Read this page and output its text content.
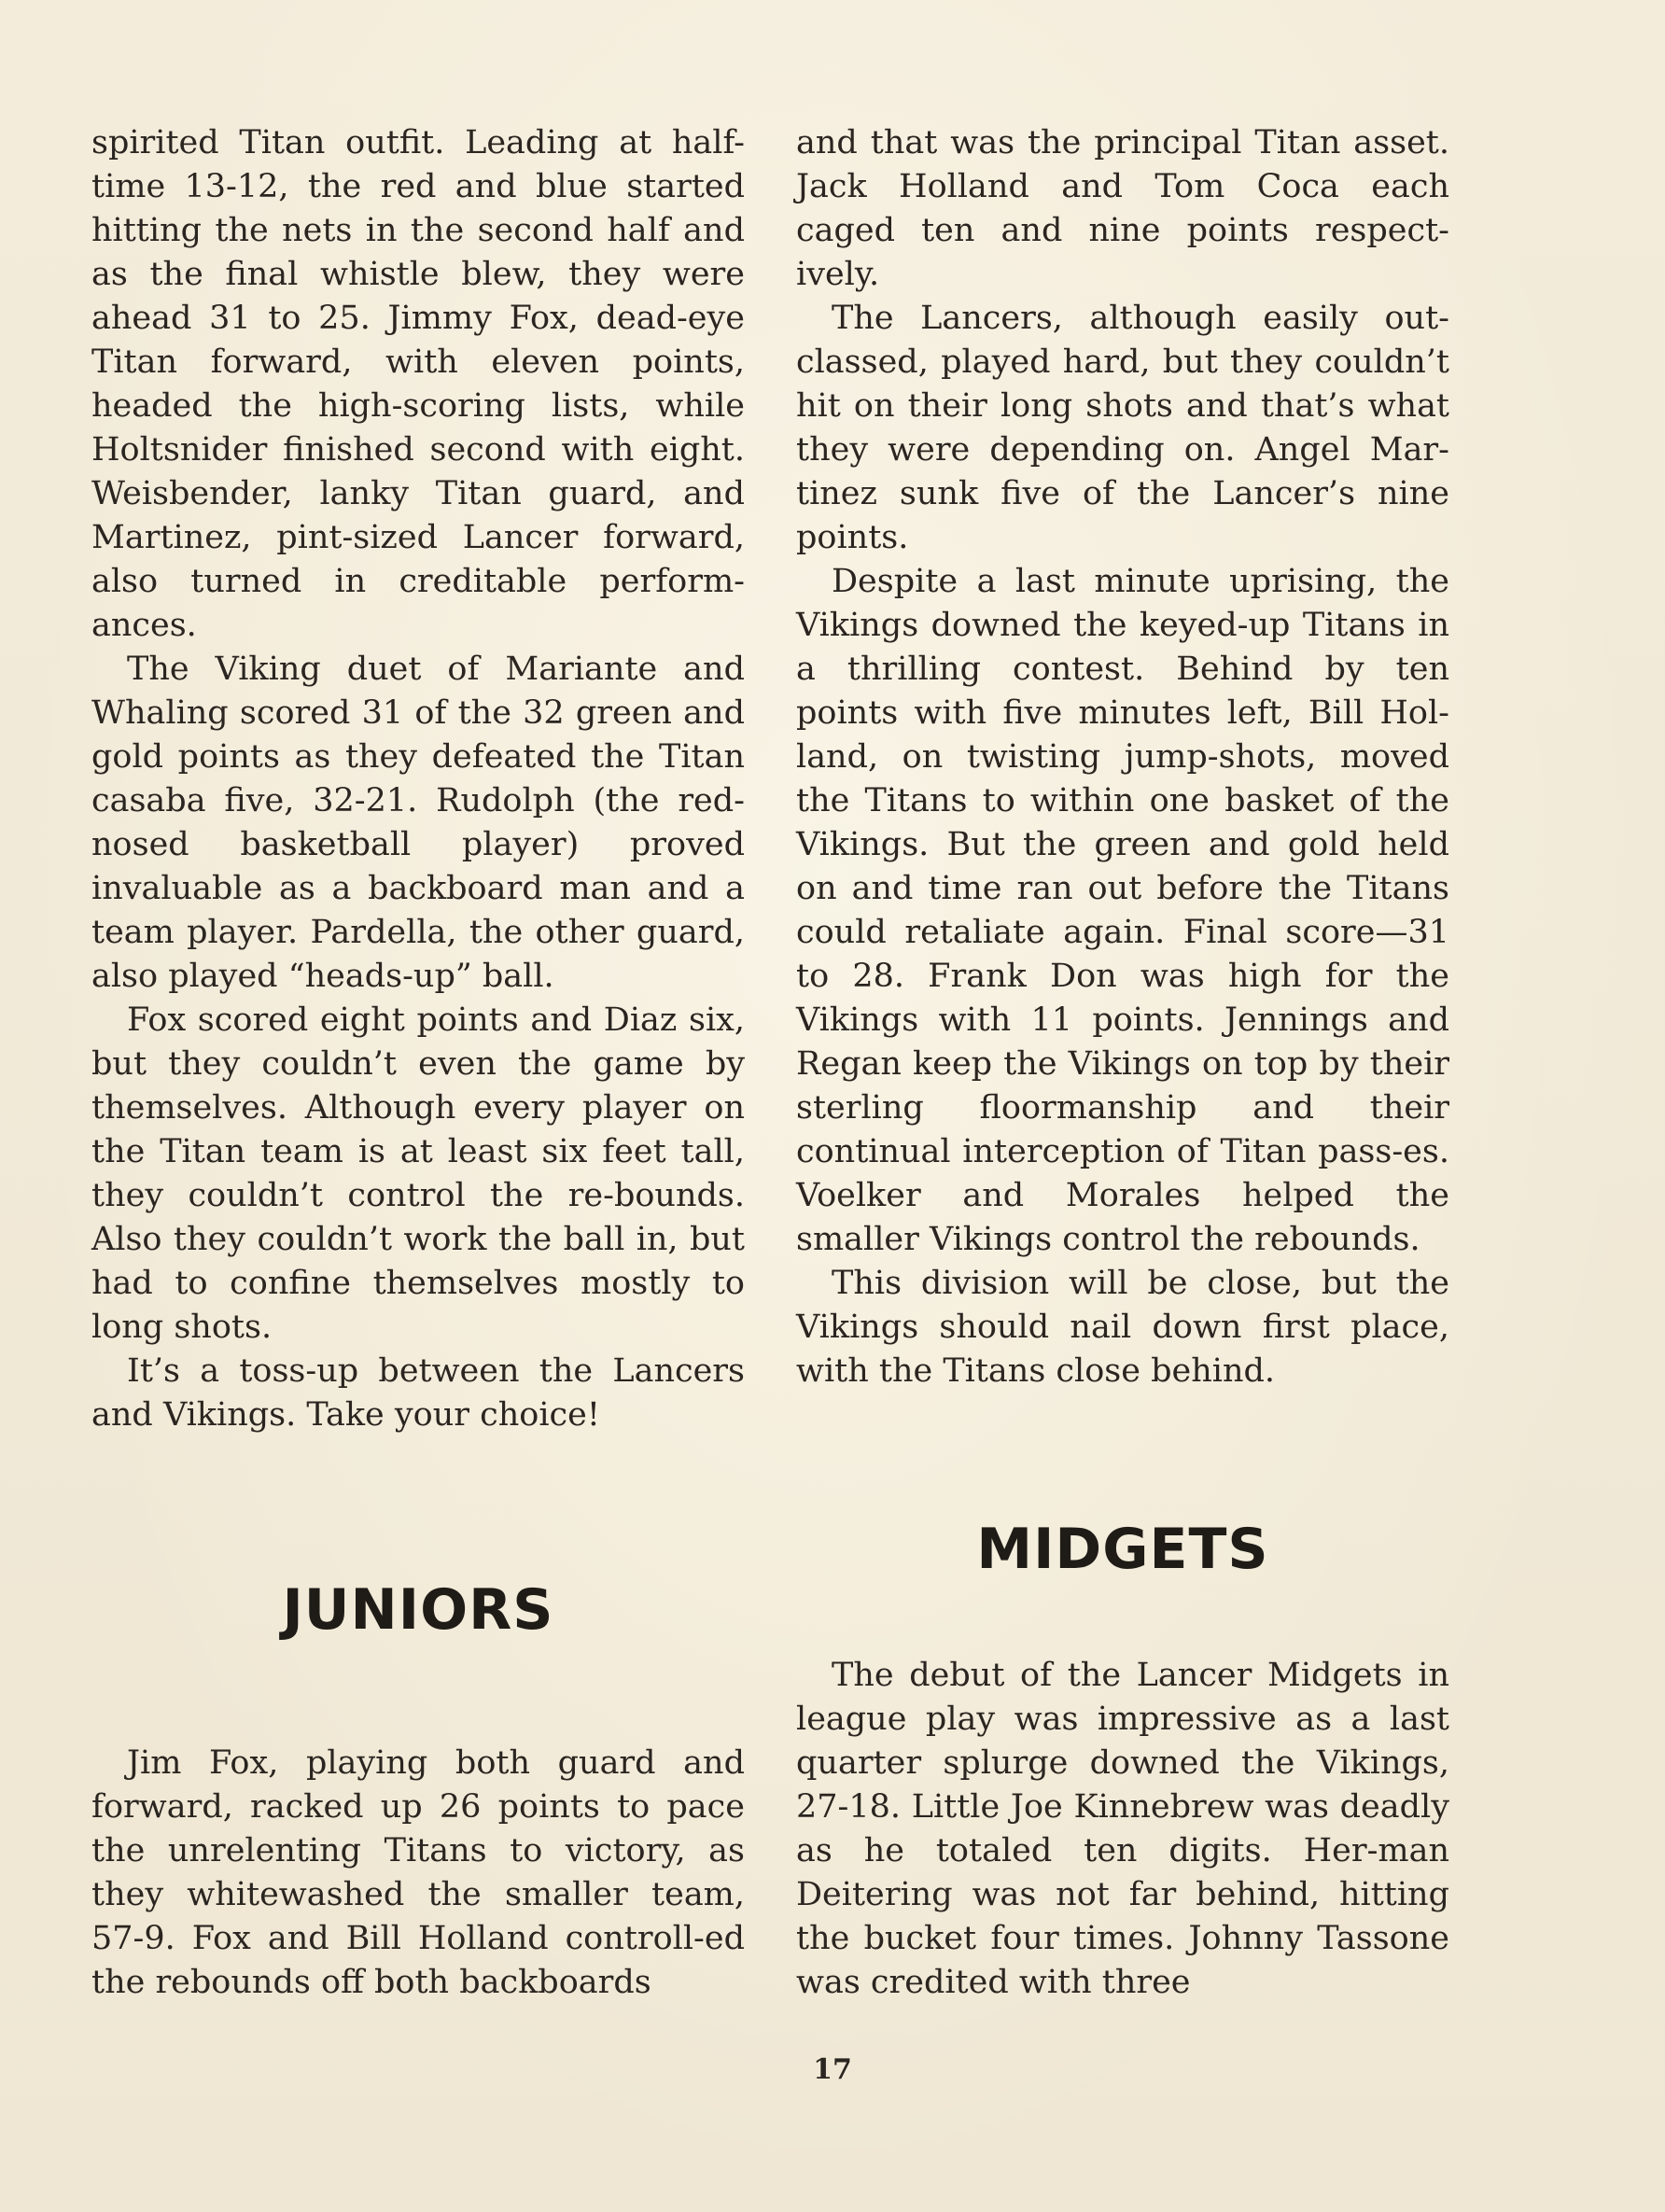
spirited Titan outfit. Leading at half-time 13-12, the red and blue started hitting the nets in the second half and as the final whistle blew, they were ahead 31 to 25. Jimmy Fox, dead-eye Titan forward, with eleven points, headed the high-scoring lists, while Holtsnider finished second with eight. Weisbender, lanky Titan guard, and Martinez, pint-sized Lancer forward, also turned in creditable perform-ances.

The Viking duet of Mariante and Whaling scored 31 of the 32 green and gold points as they defeated the Titan casaba five, 32-21. Rudolph (the red-nosed basketball player) proved invaluable as a backboard man and a team player. Pardella, the other guard, also played “heads-up” ball.

Fox scored eight points and Diaz six, but they couldn’t even the game by themselves. Although every player on the Titan team is at least six feet tall, they couldn’t control the re-bounds. Also they couldn’t work the ball in, but had to confine themselves mostly to long shots.

It’s a toss-up between the Lancers and Vikings. Take your choice!

and that was the principal Titan asset. Jack Holland and Tom Coca each caged ten and nine points respect-ively.

The Lancers, although easily out-classed, played hard, but they couldn’t hit on their long shots and that’s what they were depending on. Angel Mar-tinez sunk five of the Lancer’s nine points.

Despite a last minute uprising, the Vikings downed the keyed-up Titans in a thrilling contest. Behind by ten points with five minutes left, Bill Hol-land, on twisting jump-shots, moved the Titans to within one basket of the Vikings. But the green and gold held on and time ran out before the Titans could retaliate again. Final score—31 to 28. Frank Don was high for the Vikings with 11 points. Jennings and Regan keep the Vikings on top by their sterling floormanship and their continual interception of Titan pass-es. Voelker and Morales helped the smaller Vikings control the rebounds.

This division will be close, but the Vikings should nail down first place, with the Titans close behind.

JUNIORS

Jim Fox, playing both guard and forward, racked up 26 points to pace the unrelenting Titans to victory, as they whitewashed the smaller team, 57-9. Fox and Bill Holland controll-ed the rebounds off both backboards

MIDGETS

The debut of the Lancer Midgets in league play was impressive as a last quarter splurge downed the Vikings, 27-18. Little Joe Kinnebrew was deadly as he totaled ten digits. Her-man Deitering was not far behind, hitting the bucket four times. Johnny Tassone was credited with three

17
